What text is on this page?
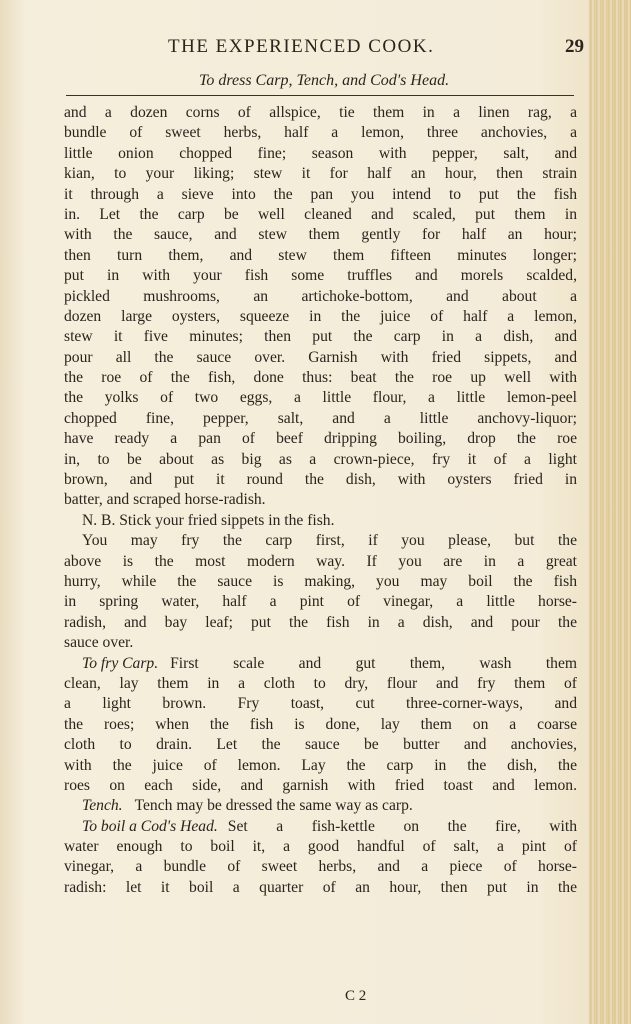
THE EXPERIENCED COOK.	29
To dress Carp, Tench, and Cod's Head.
and a dozen corns of allspice, tie them in a linen rag, a
bundle of sweet herbs, half a lemon, three anchovies, a
little onion chopped fine; season with pepper, salt, and
kian, to your liking; stew it for half an hour, then strain
it through a sieve into the pan you intend to put the fish
in. Let the carp be well cleaned and scaled, put them in
with the sauce, and stew them gently for half an hour;
then turn them, and stew them fifteen minutes longer;
put in with your fish some truffles and morels scalded,
pickled mushrooms, an artichoke-bottom, and about a
dozen large oysters, squeeze in the juice of half a lemon,
stew it five minutes; then put the carp in a dish, and
pour all the sauce over. Garnish with fried sippets, and
the roe of the fish, done thus: beat the roe up well with
the yolks of two eggs, a little flour, a little lemon-peel
chopped fine, pepper, salt, and a little anchovy-liquor;
have ready a pan of beef dripping boiling, drop the roe
in, to be about as big as a crown-piece, fry it of a light
brown, and put it round the dish, with oysters fried in
batter, and scraped horse-radish.
N. B. Stick your fried sippets in the fish.
You may fry the carp first, if you please, but the
above is the most modern way. If you are in a great
hurry, while the sauce is making, you may boil the fish
in spring water, half a pint of vinegar, a little horse-
radish, and bay leaf; put the fish in a dish, and pour the
sauce over.
To fry Carp. First scale and gut them, wash them
clean, lay them in a cloth to dry, flour and fry them of
a light brown. Fry toast, cut three-corner-ways, and
the roes; when the fish is done, lay them on a coarse
cloth to drain. Let the sauce be butter and anchovies,
with the juice of lemon. Lay the carp in the dish, the
roes on each side, and garnish with fried toast and lemon.
Tench. Tench may be dressed the same way as carp.
To boil a Cod's Head. Set a fish-kettle on the fire, with
water enough to boil it, a good handful of salt, a pint of
vinegar, a bundle of sweet herbs, and a piece of horse-
radish: let it boil a quarter of an hour, then put in the
C 2
